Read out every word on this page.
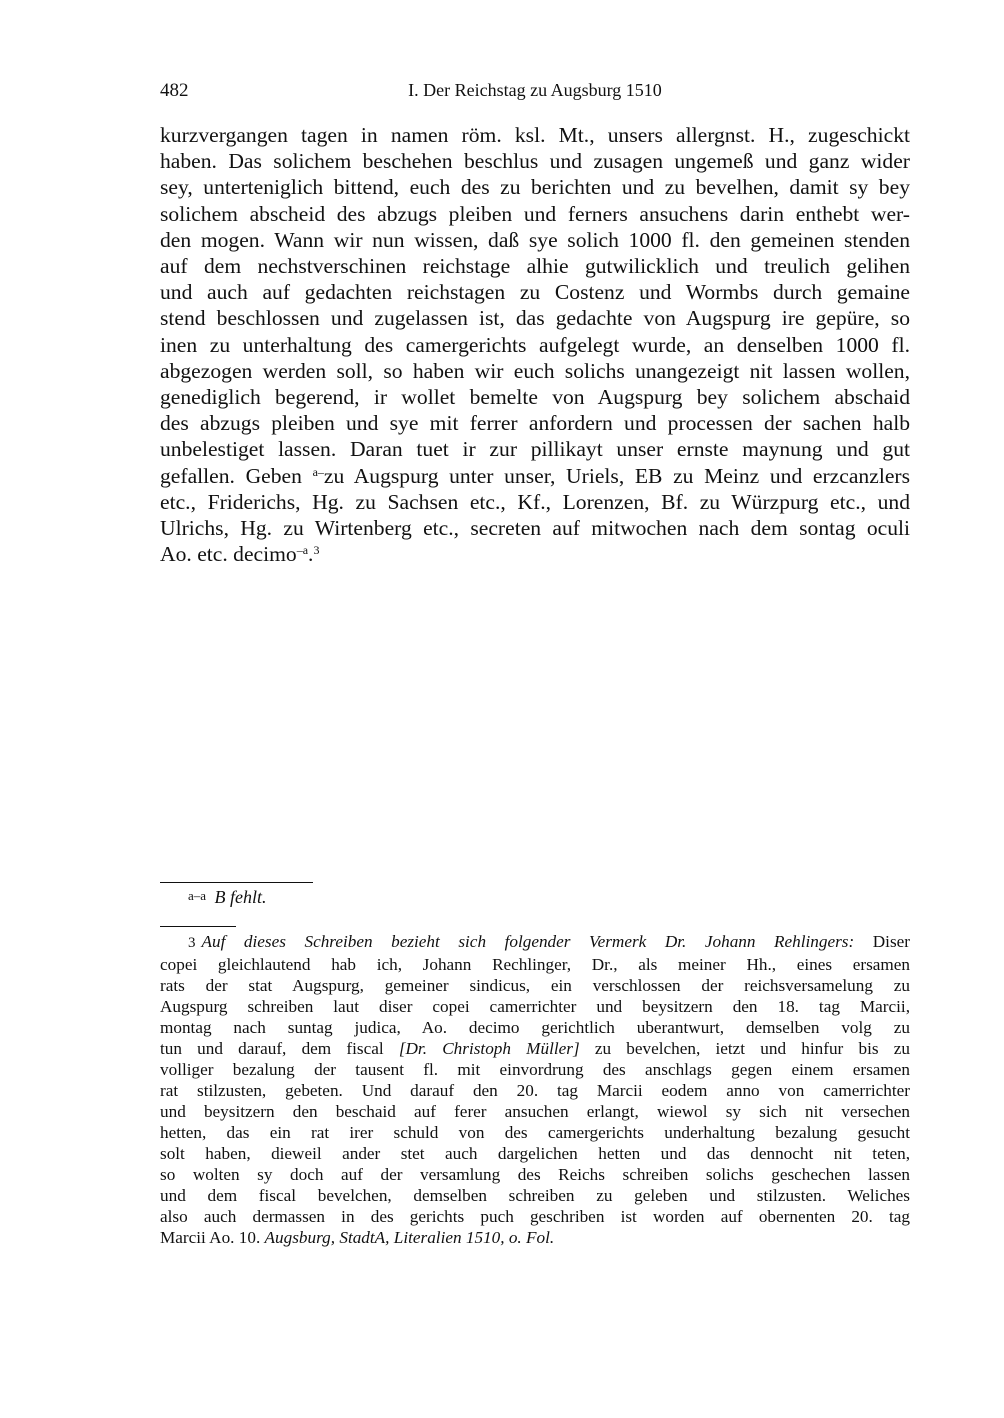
482	I. Der Reichstag zu Augsburg 1510
kurzvergangen tagen in namen röm. ksl. Mt., unsers allergnst. H., zugeschickt
haben. Das solichem beschehen beschlus und zusagen ungemeß und ganz wider
sey, unterteniglich bittend, euch des zu berichten und zu bevelhen, damit sy bey
solichem abscheid des abzugs pleiben und ferners ansuchens darin enthebt wer-
den mogen. Wann wir nun wissen, daß sye solich 1000 fl. den gemeinen stenden
auf dem nechstverschinen reichstage alhie gutwilicklich und treulich gelihen
und auch auf gedachten reichstagen zu Costenz und Wormbs durch gemaine
stend beschlossen und zugelassen ist, das gedachte von Augspurg ire gepüre, so
inen zu unterhaltung des camergerichts aufgelegt wurde, an denselben 1000 fl.
abgezogen werden soll, so haben wir euch solichs unangezeigt nit lassen wollen,
genediglich begerend, ir wollet bemelte von Augspurg bey solichem abschaid
des abzugs pleiben und sye mit ferrer anfordern und processen der sachen halb
unbelestiget lassen. Daran tuet ir zur pillikayt unser ernste maynung und gut
gefallen. Geben $^{a-}$zu Augspurg unter unser, Uriels, EB zu Meinz und erzcanzlers
etc., Friderichs, Hg. zu Sachsen etc., Kf., Lorenzen, Bf. zu Würzpurg etc., und
Ulrichs, Hg. zu Wirtenberg etc., secreten auf mitwochen nach dem sontag oculi
Ao. etc. decimo$^{-a}$.$^3$
a–a B fehlt.
3 Auf dieses Schreiben bezieht sich folgender Vermerk Dr. Johann Rehlingers: Diser
copei gleichlautend hab ich, Johann Rechlinger, Dr., als meiner Hh., eines ersamen
rats der stat Augspurg, gemeiner sindicus, ein verschlossen der reichsversamelung zu
Augspurg schreiben laut diser copei camerrichter und beysitzern den 18. tag Marcii,
montag nach suntag judica, Ao. decimo gerichtlich uberantwurt, demselben volg zu
tun und darauf, dem fiscal [Dr. Christoph Müller] zu bevelchen, ietzt und hinfur bis zu
volliger bezalung der tausent fl. mit einvordrung des anschlags gegen einem ersamen
rat stilzusten, gebeten. Und darauf den 20. tag Marcii eodem anno von camerrichter
und beysitzern den beschaid auf ferer ansuchen erlangt, wiewol sy sich nit versechen
hetten, das ein rat irer schuld von des camergerichts underhaltung bezalung gesucht
solt haben, dieweil ander stet auch dargelichen hetten und das dennocht nit teten,
so wolten sy doch auf der versamlung des Reichs schreiben solichs geschechen lassen
und dem fiscal bevelchen, demselben schreiben zu geleben und stilzusten. Weliches
also auch dermassen in des gerichts puch geschriben ist worden auf obernenten 20. tag
Marcii Ao. 10. Augsburg, StadtA, Literalien 1510, o. Fol.
